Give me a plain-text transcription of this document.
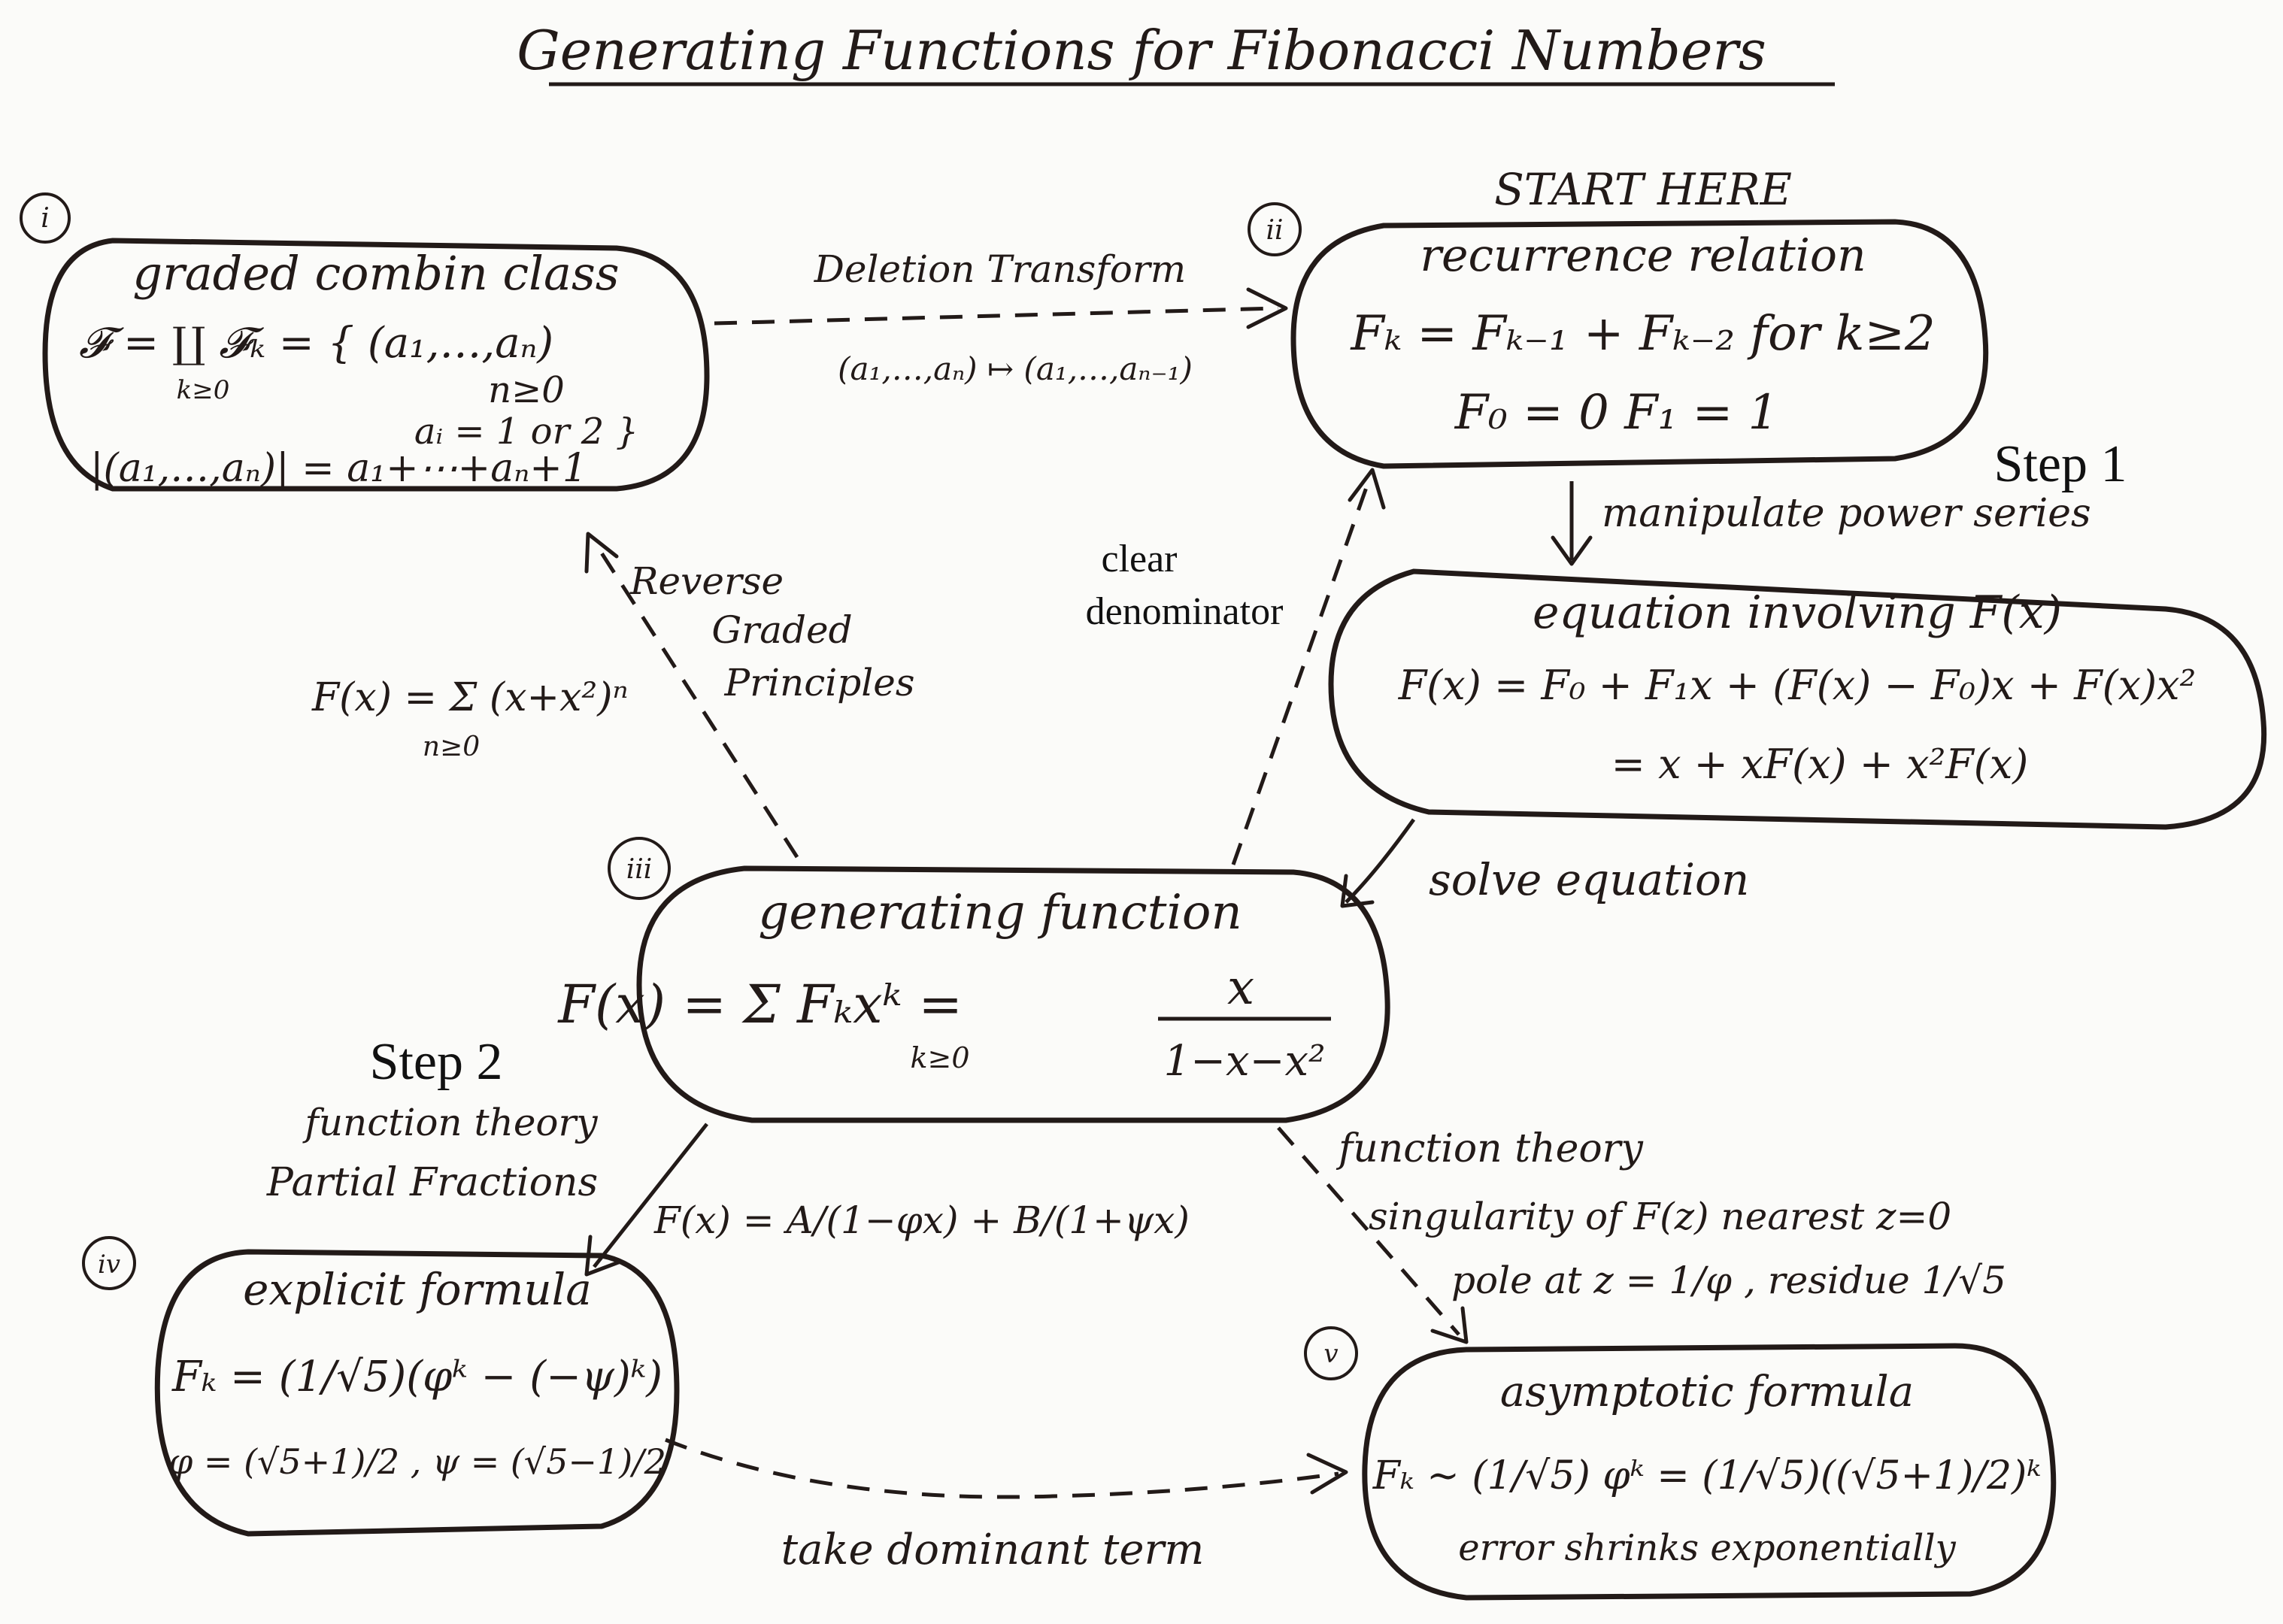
Generating Functions for Fibonacci Numbers
i
graded combin class
𝓕 = ∐ 𝓕ₖ = { (a₁,…,aₙ)
n≥0
aᵢ = 1 or 2 }
k≥0
|(a₁,…,aₙ)| = a₁+⋯+aₙ+1
START HERE
ii	recurrence relation
Fₖ = Fₖ₋₁ + Fₖ₋₂ for k≥2
F₀ = 0 F₁ = 1
Step 1
equation involving F(x)
F(x) = F₀ + F₁x + (F(x) − F₀)x + F(x)x²
= x + xF(x) + x²F(x)
iii
generating function
F(x) = Σ Fₖxᵏ =
k≥0
x
1−x−x²
Step 2
iv	explicit formula
Fₖ = (1/√5)(φᵏ − (−ψ)ᵏ)
φ = (√5+1)/2 , ψ = (√5−1)/2
v
asymptotic formula
Fₖ ∼ (1/√5) φᵏ = (1/√5)((√5+1)/2)ᵏ
error shrinks exponentially
Deletion Transform
(a₁,…,aₙ) ↦ (a₁,…,aₙ₋₁)
manipulate power series
solve equation
clear
denominator
Reverse
Graded
Principles
F(x) = Σ (x+x²)ⁿ
n≥0
function theory
Partial Fractions
F(x) = A/(1−φx) + B/(1+ψx)
function theory
singularity of F(z) nearest z=0
pole at z = 1/φ , residue 1/√5
take dominant term
